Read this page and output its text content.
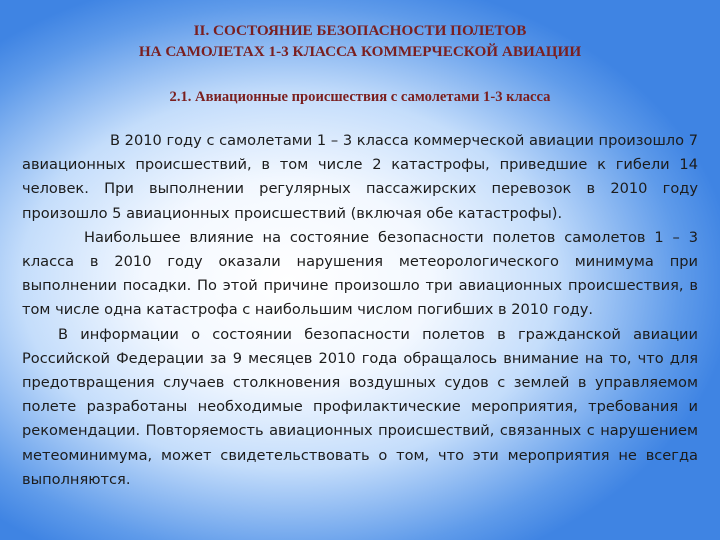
II. СОСТОЯНИЕ БЕЗОПАСНОСТИ ПОЛЕТОВ
НА САМОЛЕТАХ 1-3 КЛАССА КОММЕРЧЕСКОЙ АВИАЦИИ
2.1. Авиационные происшествия с самолетами 1-3 класса

В 2010 году с самолетами 1 – 3 класса коммерческой авиации произошло 7 авиационных происшествий, в том числе 2 катастрофы, приведшие к гибели 14 человек. При выполнении регулярных пассажирских перевозок в 2010 году произошло 5 авиационных происшествий (включая обе катастрофы).

Наибольшее влияние на состояние безопасности полетов самолетов 1 – 3 класса в 2010 году оказали нарушения метеорологического минимума при выполнении посадки. По этой причине произошло три авиационных происшествия, в том числе одна катастрофа с наибольшим числом погибших в 2010 году.

В информации о состоянии безопасности полетов в гражданской авиации Российской Федерации за 9 месяцев 2010 года обращалось внимание на то, что для предотвращения случаев столкновения воздушных судов с землей в управляемом полете разработаны необходимые профилактические мероприятия, требования и рекомендации. Повторяемость авиационных происшествий, связанных с нарушением метеоминимума, может свидетельствовать о том, что эти мероприятия не всегда выполняются.
